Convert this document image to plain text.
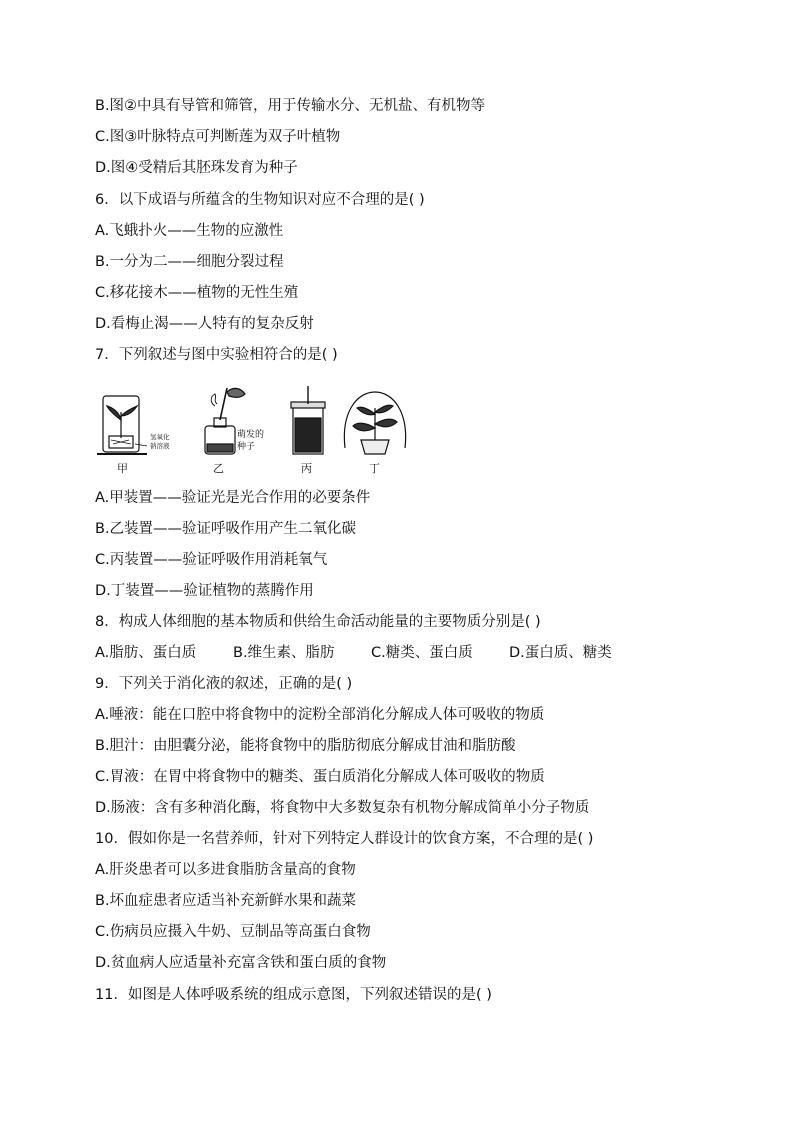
B.图②中具有导管和筛管，用于传输水分、无机盐、有机物等
C.图③叶脉特点可判断莲为双子叶植物
D.图④受精后其胚珠发育为种子
6．以下成语与所蕴含的生物知识对应不合理的是( )
A.飞蛾扑火——生物的应激性
B.一分为二——细胞分裂过程
C.移花接木——植物的无性生殖
D.看梅止渴——人特有的复杂反射
7．下列叙述与图中实验相符合的是( )
氢氧化
钠溶液
甲
萌发的
种子
乙	丙	丁
A.甲装置——验证光是光合作用的必要条件
B.乙装置——验证呼吸作用产生二氧化碳
C.丙装置——验证呼吸作用消耗氧气
D.丁装置——验证植物的蒸腾作用
8．构成人体细胞的基本物质和供给生命活动能量的主要物质分别是( )
A.脂肪、蛋白质	B.维生素、脂肪	C.糖类、蛋白质	D.蛋白质、糖类
9．下列关于消化液的叙述，正确的是( )
A.唾液：能在口腔中将食物中的淀粉全部消化分解成人体可吸收的物质
B.胆汁：由胆囊分泌，能将食物中的脂肪彻底分解成甘油和脂肪酸
C.胃液：在胃中将食物中的糖类、蛋白质消化分解成人体可吸收的物质
D.肠液：含有多种消化酶，将食物中大多数复杂有机物分解成简单小分子物质
10．假如你是一名营养师，针对下列特定人群设计的饮食方案，不合理的是( )
A.肝炎患者可以多进食脂肪含量高的食物
B.坏血症患者应适当补充新鲜水果和蔬菜
C.伤病员应摄入牛奶、豆制品等高蛋白食物
D.贫血病人应适量补充富含铁和蛋白质的食物
11．如图是人体呼吸系统的组成示意图，下列叙述错误的是( )
